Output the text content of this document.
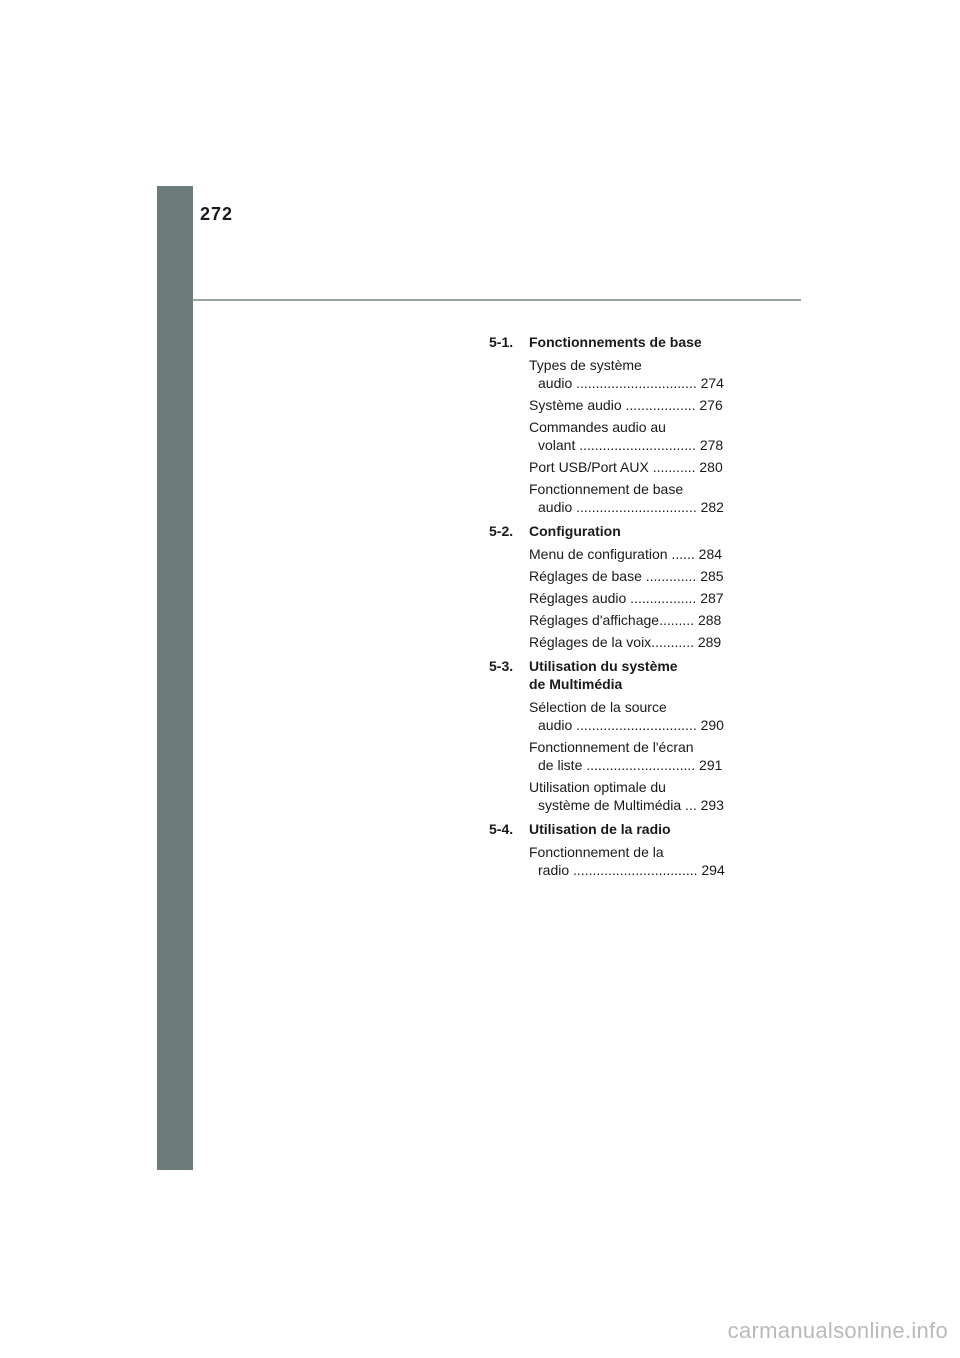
272
5-1.	Fonctionnements de base
Types de système
audio ............................... 274
Système audio .................. 276
Commandes audio au
volant .............................. 278
Port USB/Port AUX ........... 280
Fonctionnement de base
audio ............................... 282
5-2.	Configuration
Menu de configuration ...... 284
Réglages de base ............. 285
Réglages audio ................. 287
Réglages d'affichage......... 288
Réglages de la voix........... 289
5-3.	Utilisation du système
de Multimédia
Sélection de la source
audio ............................... 290
Fonctionnement de l'écran
de liste ............................ 291
Utilisation optimale du
système de Multimédia ... 293
5-4.	Utilisation de la radio
Fonctionnement de la
radio ................................ 294
carmanualsonline.info
